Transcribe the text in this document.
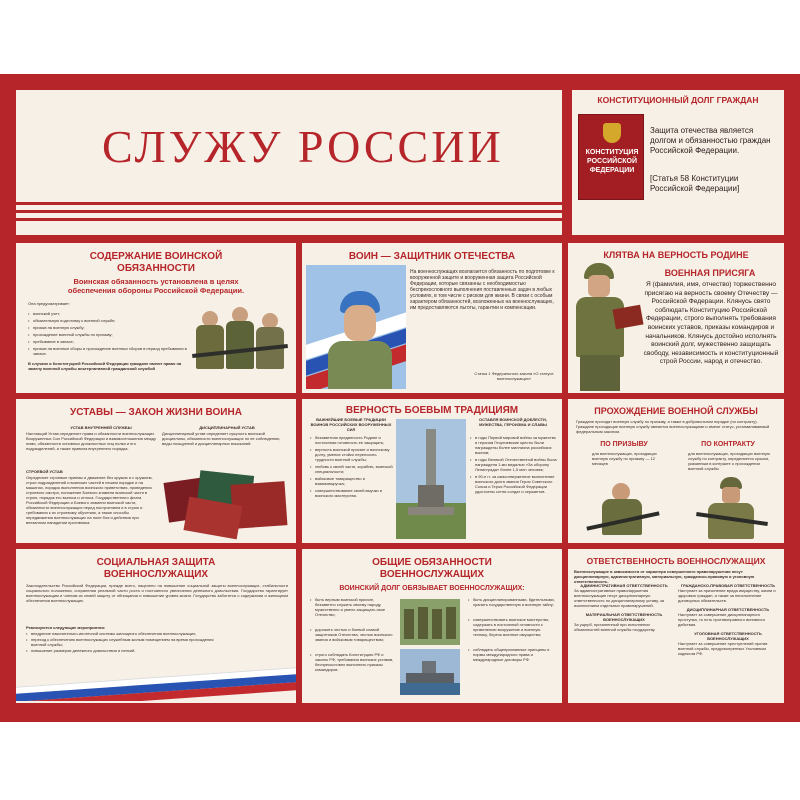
СЛУЖУ РОССИИ
КОНСТИТУЦИОННЫЙ ДОЛГ ГРАЖДАН
КОНСТИТУЦИЯ
РОССИЙСКОЙ
ФЕДЕРАЦИИ
Защита отечества является долгом и обязанностью граждан Российской Федерации.
[Статья 58 Конституции Российской Федерации]
СОДЕРЖАНИЕ ВОИНСКОЙ
ОБЯЗАННОСТИ
Воинская обязанность установлена в целях обеспечения обороны Российской Федерации.
Она предусматривает:
• воинский учет;
• обязательную подготовку к военной службе;
• призыв на военную службу;
• прохождение военной службы по призыву;
• пребывание в запасе;
• призыв на военные сборы и прохождение военных сборов в период пребывания в запасе.
В случаях и Конституцией Российской Федерации граждане имеют право на замену военной службы альтернативной гражданской службой
ВОИН — ЗАЩИТНИК ОТЕЧЕСТВА
На военнослужащих возлагается обязанность по подготовке к вооруженной защите и вооруженная защита Российской Федерации, которые связанны с необходимостью беспрекословного выполнения поставленных задач в любых условиях, в том числе с риском для жизни. В связи с особым характером обязанностей, возложенных на военнослужащих, им предоставляются льготы, гарантии и компенсации.
Статья 1 Федерального закона «О статусе военнослужащих»
КЛЯТВА НА ВЕРНОСТЬ РОДИНЕ
ВОЕННАЯ ПРИСЯГА
Я (фамилия, имя, отчество) торжественно присягаю на верность своему Отечеству — Российской Федерации. Клянусь свято соблюдать Конституцию Российской Федерации, строго выполнять требования воинских уставов, приказы командиров и начальников. Клянусь достойно исполнять воинский долг, мужественно защищать свободу, независимость и конституционный строй России, народ и отечество.
УСТАВЫ — ЗАКОН ЖИЗНИ ВОИНА
УСТАВ ВНУТРЕННЕЙ СЛУЖБЫ
Настоящий Устав определяет права и обязанности военнослужащих Вооруженных Сил Российской Федерации и взаимоотношения между ними, обязанности основных должностных лиц полка и его подразделений, а также правила внутреннего порядка.
ДИСЦИПЛИНАРНЫЙ УСТАВ
Дисциплинарный устав определяет сущность воинской дисциплины, обязанности военнослужащих по ее соблюдению, виды поощрений и дисциплинарных взысканий.
СТРОЕВОЙ УСТАВ
Определяет строевые приемы и движение без оружия и с оружием, строи подразделений и воинских частей в пешем порядке и на машинах, порядок выполнения воинского приветствия, проведения строевого смотра, положение Боевого знамени воинской части в строю, порядок его выноса и относа. Государственного флага Российской Федерации и Боевого знамени воинской части, обязанности военнослужащих перед построением и в строю и требования к их строевому обучению, а также способы передвижения военнослужащих на поле боя и действия при внезапном нападении противника.
ВЕРНОСТЬ БОЕВЫМ ТРАДИЦИЯМ
ВАЖНЕЙШИЕ БОЕВЫЕ ТРАДИЦИИ ВОИНОВ РОССИЙСКИХ ВООРУЖЕННЫХ СИЛ
• беззаветная преданность Родине и постоянная готовность ее защищать;
• верность воинской присяге и воинскому долгу, умение стойко переносить трудности военной службы;
• любовь к своей части, кораблю, воинской специальности;
• войсковое товарищество и взаимовыручка;
• совершенствование своей выучки и воинского мастерства.
ОСТАВЛЯ ВОИНСКОЙ ДОБЛЕСТИ, МУЖЕСТВА, ГЕРОИЗМА И СЛАВЫ
• в годы Первой мировой войны за мужество и героизм Георгиевские кресты были награждены более миллиона российских воинов;
• в годы Великой Отечественной войны была награждена 1-ми медалью «За оборону Ленинграда» более 1,5 млн человек;
• в 90-е гг. за самоотверженное выполнение воинского долга звания Героя Советского Союза и Героя Российской Федерации удостоены сотни солдат и сержантов.
ПРОХОЖДЕНИЕ ВОЕННОЙ СЛУЖБЫ
Граждане проходят военную службу по призыву, а также в добровольном порядке (по контракту). Граждане проходящие военную службу являются военнослужащими и имеют статус, устанавливаемый федеральным законом.
ПО ПРИЗЫВУ
для военнослужащих, проходящих военную службу по призыву — 12 месяцев
ПО КОНТРАКТУ
для военнослужащих, проходящих военную службу по контракту, определяется сроком, указанным в контракте о прохождении военной службы
СОЦИАЛЬНАЯ ЗАЩИТА
ВОЕННОСЛУЖАЩИХ
Законодательство Российской Федерации, прежде всего, нацелено на повышение социальной защиты военнослужащих, стабильности социального положения, сохранения реальной части роста и постоянного увеличения денежного довольствия. Государство гарантирует военнослужащим и членам их семей защиту от обнищания и повышение уровня жизни. Государство заботится о содержании и жилищном обеспечении военнослужащих.
Реализуются следующие мероприятия:
• внедрение накопительно-ипотечной системы жилищного обеспечения военнослужащих;
• переход к обеспечению военнослужащих служебным жилым помещением на время прохождения военной службы;
• повышение размеров денежного довольствия и пенсий.
ОБЩИЕ ОБЯЗАННОСТИ
ВОЕННОСЛУЖАЩИХ
ВОИНСКИЙ ДОЛГ ОБЯЗЫВАЕТ ВОЕННОСЛУЖАЩИХ:
• быть верным воинской присяге, беззаветно служить своему народу, мужественно и умело защищать свое Отечество;
• дорожить честью и боевой славой защитников Отечества, честью воинского звания и войсковым товариществом;
• строго соблюдать Конституцию РФ и законы РФ, требования воинских уставов, беспрекословно выполнять приказы командиров.
• быть дисциплинированными, бдительными, хранить государственную и военную тайну;
• совершенствовать воинское мастерство, содержать в постоянной готовности к применению вооружение и военную технику, беречь военное имущество;
• соблюдать общепризнанные принципы и нормы международного права и международные договоры РФ.
ОТВЕТСТВЕННОСТЬ ВОЕННОСЛУЖАЩИХ
Военнослужащие в зависимости от характера совершенного правонарушения несут дисциплинарную, административную, материальную, гражданско-правовую и уголовную ответственность.
АДМИНИСТРАТИВНАЯ ОТВЕТСТВЕННОСТЬ
За административные правонарушения военнослужащие несут дисциплинарную ответственность по дисциплинарному уставу, за исключением отдельных правонарушений.
МАТЕРИАЛЬНАЯ ОТВЕТСТВЕННОСТЬ ВОЕННОСЛУЖАЩИХ
За ущерб, причиненный при исполнении обязанностей военной службы государству.
ГРАЖДАНСКО-ПРАВОВАЯ ОТВЕТСТВЕННОСТЬ
Наступает за причинение вреда имуществу, жизни и здоровью граждан, а также за неисполнение договорных обязательств.
ДИСЦИПЛИНАРНАЯ ОТВЕТСТВЕННОСТЬ
Наступает за совершение дисциплинарного проступка, то есть противоправного виновного действия.
УГОЛОВНАЯ ОТВЕТСТВЕННОСТЬ ВОЕННОСЛУЖАЩИХ
Наступает за совершение преступлений против военной службы, предусмотренных Уголовным кодексом РФ.
